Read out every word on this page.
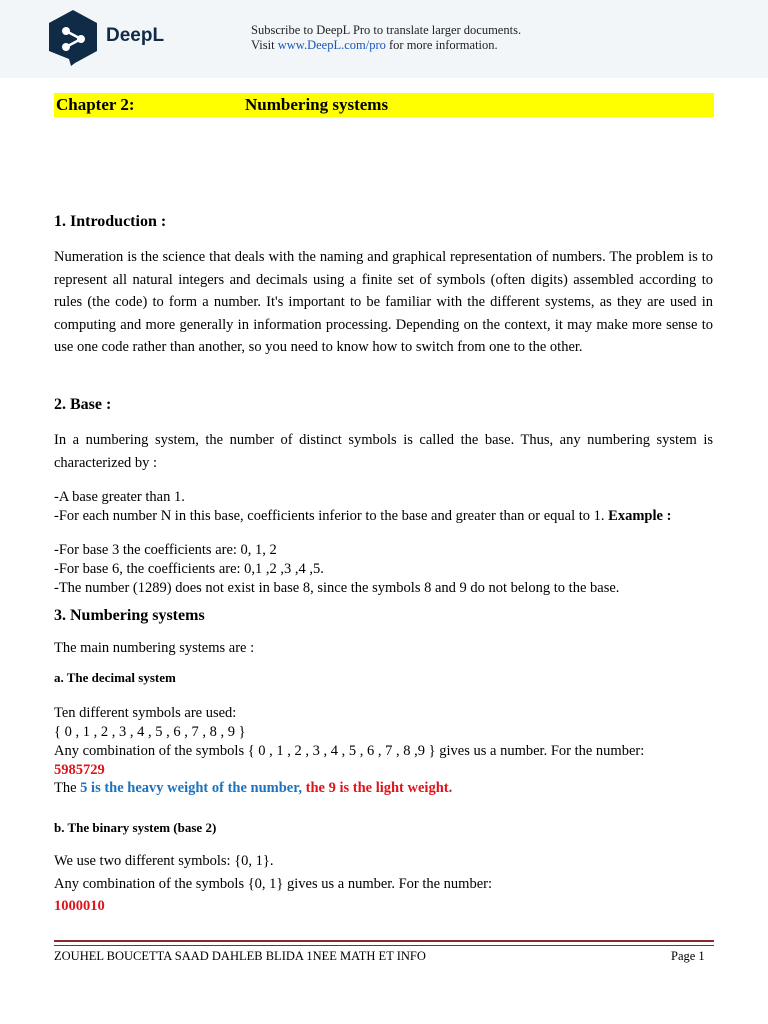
DeepL	Subscribe to DeepL Pro to translate larger documents.
Visit www.DeepL.com/pro for more information.
Chapter 2:	Numbering systems
1. Introduction :
Numeration is the science that deals with the naming and graphical representation of numbers. The problem is to represent all natural integers and decimals using a finite set of symbols (often digits) assembled according to rules (the code) to form a number. It's important to be familiar with the different systems, as they are used in computing and more generally in information processing. Depending on the context, it may make more sense to use one code rather than another, so you need to know how to switch from one to the other.
2. Base :
In a numbering system, the number of distinct symbols is called the base. Thus, any numbering system is characterized by :
-A base greater than 1.
-For each number N in this base, coefficients inferior to the base and greater than or equal to 1. Example :
-For base 3 the coefficients are: 0, 1, 2
-For base 6, the coefficients are: 0,1 ,2 ,3 ,4 ,5.
-The number (1289) does not exist in base 8, since the symbols 8 and 9 do not belong to the base.
3. Numbering systems
The main numbering systems are :
a. The decimal system
Ten different symbols are used:
{ 0 , 1 , 2 , 3 , 4 , 5 , 6 , 7 , 8 , 9 }
Any combination of the symbols { 0 , 1 , 2 , 3 , 4 , 5 , 6 , 7 , 8 ,9 } gives us a number. For the number:
5985729
The 5 is the heavy weight of the number, the 9 is the light weight.
b. The binary system (base 2)
We use two different symbols: {0, 1}.
Any combination of the symbols {0, 1} gives us a number. For the number:
1000010
ZOUHEL BOUCETTA SAAD DAHLEB BLIDA 1NEE MATH ET INFO	Page 1
